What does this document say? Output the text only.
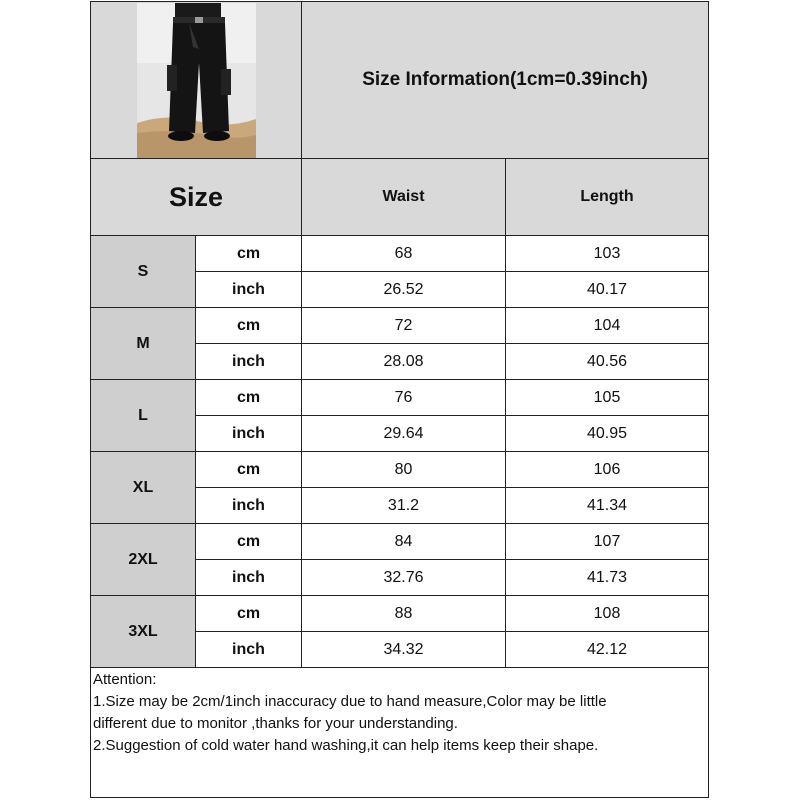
Size Information(1cm=0.39inch)
Size	Waist	Length
S
cm	68	103
inch	26.52	40.17
M
cm	72	104
inch	28.08	40.56
L
cm	76	105
inch	29.64	40.95
XL
cm	80	106
inch	31.2	41.34
2XL
cm	84	107
inch	32.76	41.73
3XL
cm	88	108
inch	34.32	42.12
Attention:
1.Size may be 2cm/1inch inaccuracy due to hand measure,Color may be little
different due to monitor ,thanks for your understanding.
2.Suggestion of cold water hand washing,it can help items keep their shape.
